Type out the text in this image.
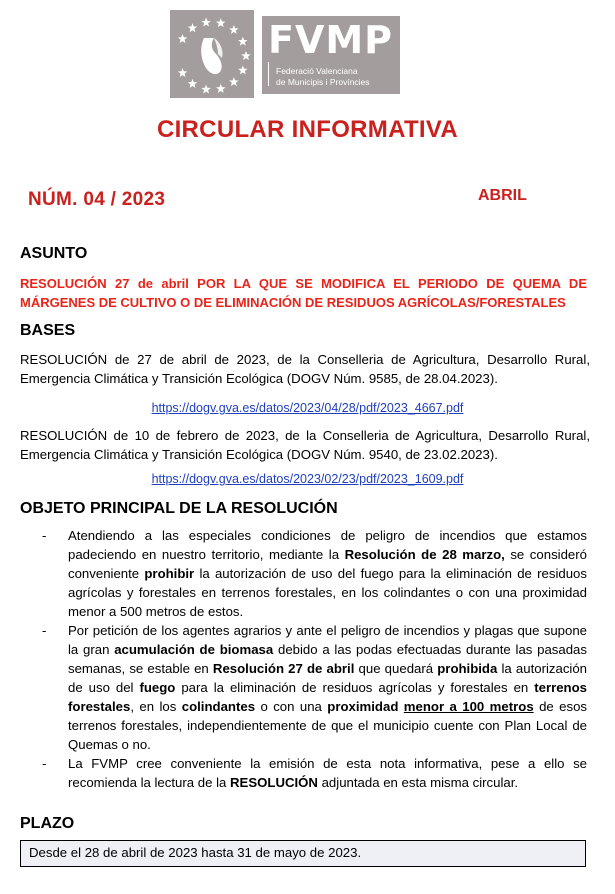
FVMP
Federació Valenciana
de Municipis i Províncies
CIRCULAR INFORMATIVA
NÚM. 04 / 2023	ABRIL
ASUNTO
RESOLUCIÓN 27 de abril POR LA QUE SE MODIFICA EL PERIODO DE QUEMA DE MÁRGENES DE CULTIVO O DE ELIMINACIÓN DE RESIDUOS AGRÍCOLAS/FORESTALES
BASES
RESOLUCIÓN de 27 de abril de 2023, de la Conselleria de Agricultura, Desarrollo Rural, Emergencia Climática y Transición Ecológica (DOGV Núm. 9585, de 28.04.2023).
https://dogv.gva.es/datos/2023/04/28/pdf/2023_4667.pdf
RESOLUCIÓN de 10 de febrero de 2023, de la Conselleria de Agricultura, Desarrollo Rural, Emergencia Climática y Transición Ecológica (DOGV Núm. 9540, de 23.02.2023).
https://dogv.gva.es/datos/2023/02/23/pdf/2023_1609.pdf
OBJETO PRINCIPAL DE LA RESOLUCIÓN
- Atendiendo a las especiales condiciones de peligro de incendios que estamos padeciendo en nuestro territorio, mediante la Resolución de 28 marzo, se consideró conveniente prohibir la autorización de uso del fuego para la eliminación de residuos agrícolas y forestales en terrenos forestales, en los colindantes o con una proximidad menor a 500 metros de estos.
- Por petición de los agentes agrarios y ante el peligro de incendios y plagas que supone la gran acumulación de biomasa debido a las podas efectuadas durante las pasadas semanas, se estable en Resolución 27 de abril que quedará prohibida la autorización de uso del fuego para la eliminación de residuos agrícolas y forestales en terrenos forestales, en los colindantes o con una proximidad menor a 100 metros de esos terrenos forestales, independientemente de que el municipio cuente con Plan Local de Quemas o no.
- La FVMP cree conveniente la emisión de esta nota informativa, pese a ello se recomienda la lectura de la RESOLUCIÓN adjuntada en esta misma circular.
PLAZO
Desde el 28 de abril de 2023 hasta 31 de mayo de 2023.
